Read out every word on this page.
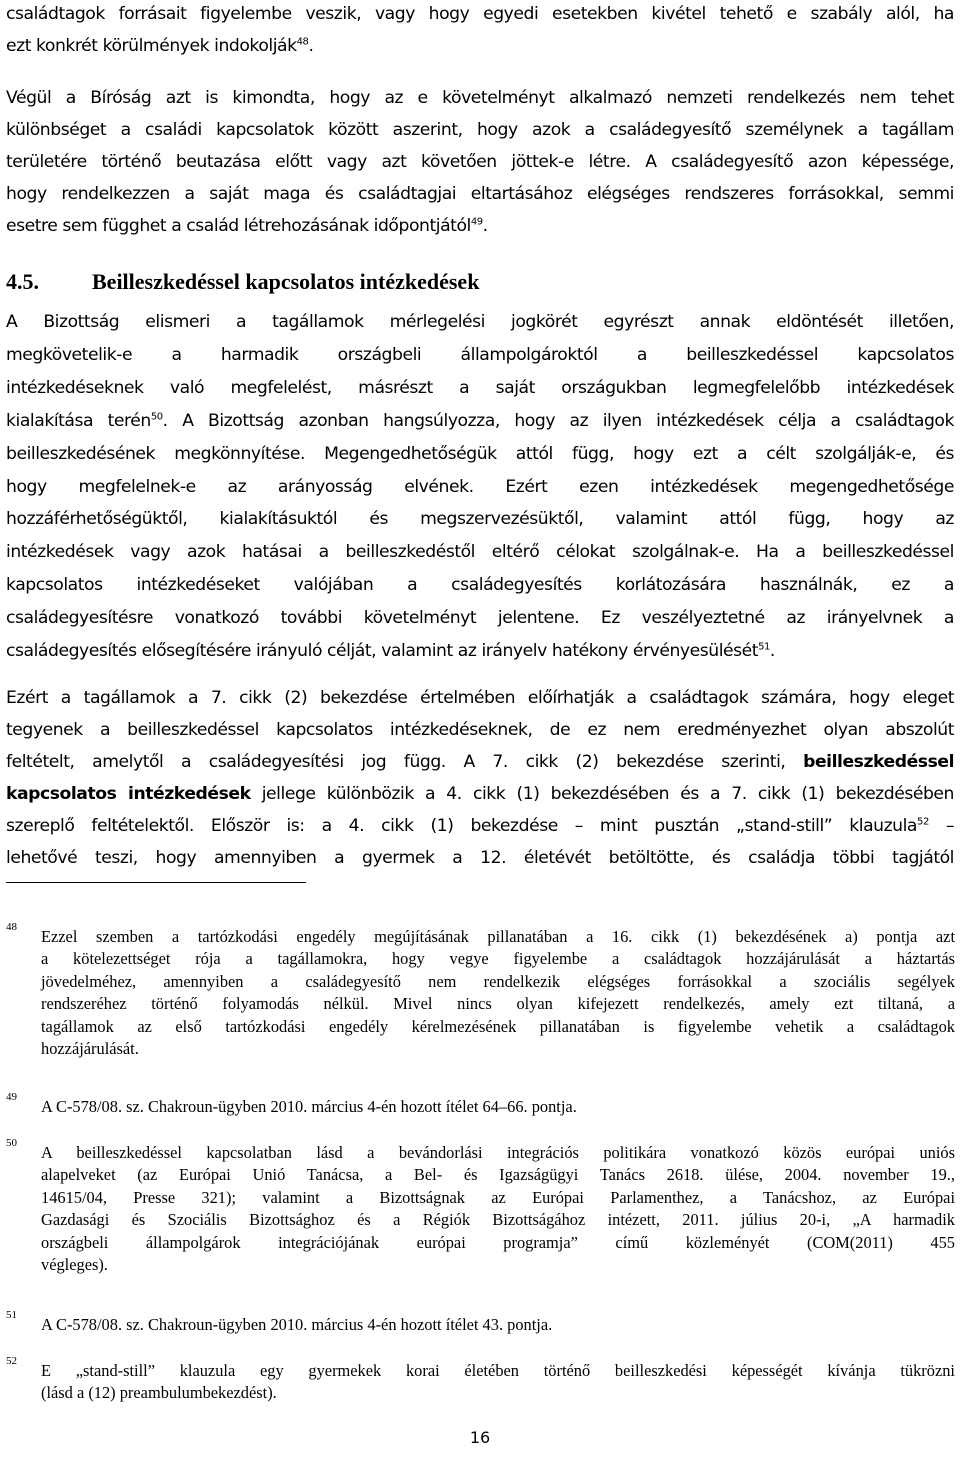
családtagok forrásait figyelembe veszik, vagy hogy egyedi esetekben kivétel tehető e szabály alól, ha
ezt konkrét körülmények indokolják$^{48}$.
Végül a Bíróság azt is kimondta, hogy az e követelményt alkalmazó nemzeti rendelkezés nem tehet
különbséget a családi kapcsolatok között aszerint, hogy azok a családegyesítő személynek a tagállam
területére történő beutazása előtt vagy azt követően jöttek-e létre. A családegyesítő azon képessége,
hogy rendelkezzen a saját maga és családtagjai eltartásához elégséges rendszeres forrásokkal, semmi
esetre sem függhet a család létrehozásának időpontjától$^{49}$.
4.5. Beilleszkedéssel kapcsolatos intézkedések
A Bizottság elismeri a tagállamok mérlegelési jogkörét egyrészt annak eldöntését illetően,
megkövetelik-e a harmadik országbeli állampolgároktól a beilleszkedéssel kapcsolatos
intézkedéseknek való megfelelést, másrészt a saját országukban legmegfelelőbb intézkedések
kialakítása terén$^{50}$. A Bizottság azonban hangsúlyozza, hogy az ilyen intézkedések célja a családtagok
beilleszkedésének megkönnyítése. Megengedhetőségük attól függ, hogy ezt a célt szolgálják-e, és
hogy megfelelnek-e az arányosság elvének. Ezért ezen intézkedések megengedhetősége
hozzáférhetőségüktől, kialakításuktól és megszervezésüktől, valamint attól függ, hogy az
intézkedések vagy azok hatásai a beilleszkedéstől eltérő célokat szolgálnak-e. Ha a beilleszkedéssel
kapcsolatos intézkedéseket valójában a családegyesítés korlátozására használnák, ez a
családegyesítésre vonatkozó további követelményt jelentene. Ez veszélyeztetné az irányelvnek a
családegyesítés elősegítésére irányuló célját, valamint az irányelv hatékony érvényesülését$^{51}$.
Ezért a tagállamok a 7. cikk (2) bekezdése értelmében előírhatják a családtagok számára, hogy eleget
tegyenek a beilleszkedéssel kapcsolatos intézkedéseknek, de ez nem eredményezhet olyan abszolút
feltételt, amelytől a családegyesítési jog függ. A 7. cikk (2) bekezdése szerinti, beilleszkedéssel
kapcsolatos intézkedések jellege különbözik a 4. cikk (1) bekezdésében és a 7. cikk (1) bekezdésében
szereplő feltételektől. Először is: a 4. cikk (1) bekezdése – mint pusztán „stand-still” klauzula$^{52}$ –
lehetővé teszi, hogy amennyiben a gyermek a 12. életévét betöltötte, és családja többi tagjától
48 Ezzel szemben a tartózkodási engedély megújításának pillanatában a 16. cikk (1) bekezdésének a) pontja azt
a kötelezettséget rója a tagállamokra, hogy vegye figyelembe a családtagok hozzájárulását a háztartás
jövedelméhez, amennyiben a családegyesítő nem rendelkezik elégséges forrásokkal a szociális segélyek
rendszeréhez történő folyamodás nélkül. Mivel nincs olyan kifejezett rendelkezés, amely ezt tiltaná, a
tagállamok az első tartózkodási engedély kérelmezésének pillanatában is figyelembe vehetik a családtagok
hozzájárulását.
49 A C-578/08. sz. Chakroun-ügyben 2010. március 4-én hozott ítélet 64–66. pontja.
50 A beilleszkedéssel kapcsolatban lásd a bevándorlási integrációs politikára vonatkozó közös európai uniós
alapelveket (az Európai Unió Tanácsa, a Bel- és Igazságügyi Tanács 2618. ülése, 2004. november 19.,
14615/04, Presse 321); valamint a Bizottságnak az Európai Parlamenthez, a Tanácshoz, az Európai
Gazdasági és Szociális Bizottsághoz és a Régiók Bizottságához intézett, 2011. július 20-i, „A harmadik
országbeli állampolgárok integrációjának európai programja” című közleményét (COM(2011) 455
végleges).
51 A C-578/08. sz. Chakroun-ügyben 2010. március 4-én hozott ítélet 43. pontja.
52 E „stand-still” klauzula egy gyermekek korai életében történő beilleszkedési képességét kívánja tükrözni
(lásd a (12) preambulumbekezdést).
16
